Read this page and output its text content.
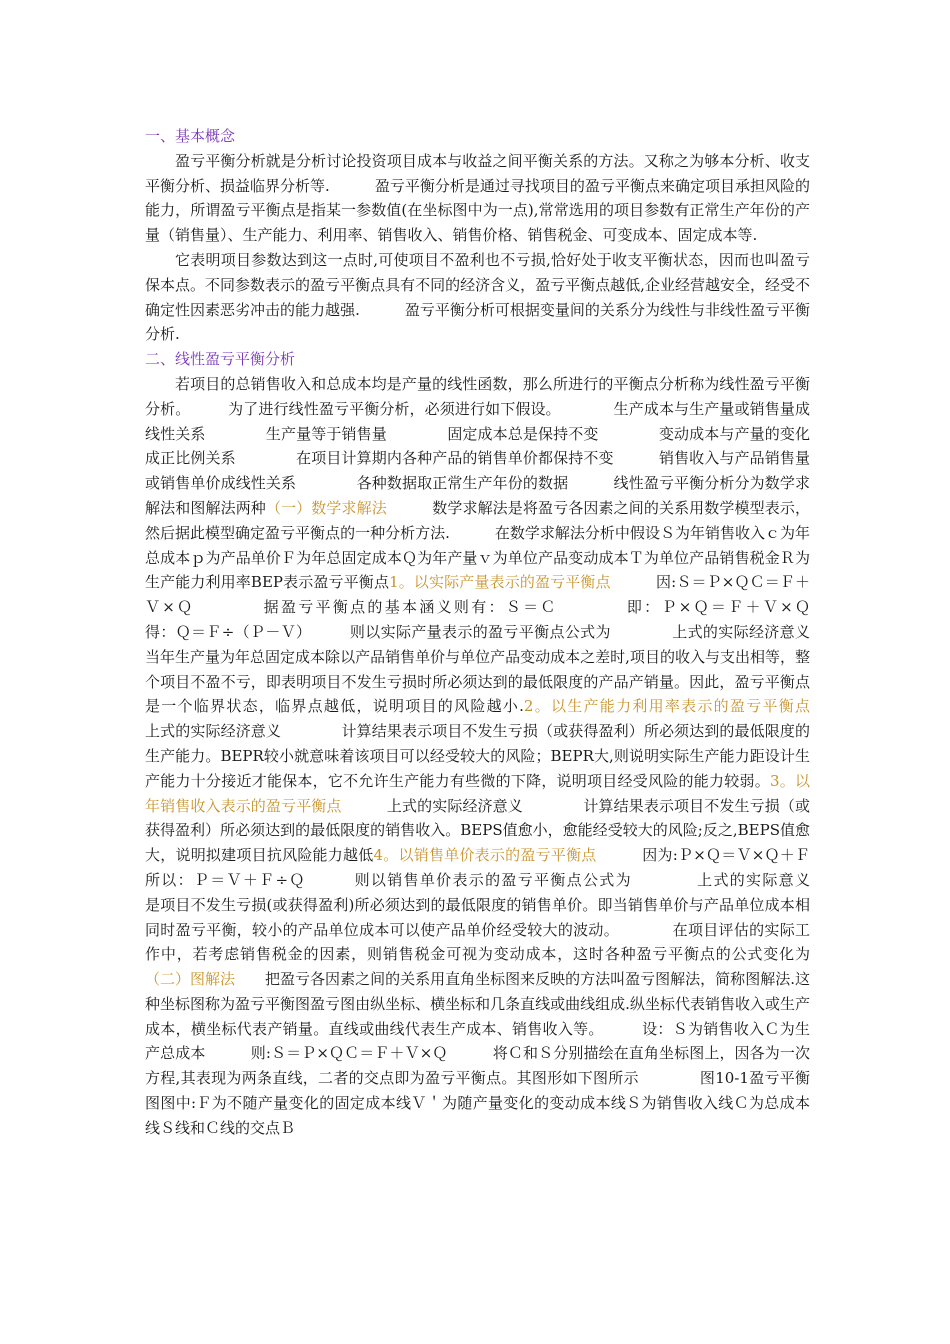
一、基本概念

盈亏平衡分析就是分析讨论投资项目成本与收益之间平衡关系的方法。又称之为够本分析、收支平衡分析、损益临界分析等.　　　盈亏平衡分析是通过寻找项目的盈亏平衡点来确定项目承担风险的能力，所谓盈亏平衡点是指某一参数值(在坐标图中为一点),常常选用的项目参数有正常生产年份的产量（销售量）、生产能力、利用率、销售收入、销售价格、销售税金、可变成本、固定成本等.

它表明项目参数达到这一点时,可使项目不盈利也不亏损,恰好处于收支平衡状态，因而也叫盈亏保本点。不同参数表示的盈亏平衡点具有不同的经济含义，盈亏平衡点越低,企业经营越安全，经受不确定性因素恶劣冲击的能力越强.　　　盈亏平衡分析可根据变量间的关系分为线性与非线性盈亏平衡分析.

二、线性盈亏平衡分析

若项目的总销售收入和总成本均是产量的线性函数，那么所进行的平衡点分析称为线性盈亏平衡分析。　　　为了进行线性盈亏平衡分析，必须进行如下假设。　　　　生产成本与生产量或销售量成线性关系　　　　生产量等于销售量　　　　固定成本总是保持不变　　　　变动成本与产量的变化成正比例关系　　　　在项目计算期内各种产品的销售单价都保持不变　　　销售收入与产品销售量或销售单价成线性关系　　　　各种数据取正常生产年份的数据　　　线性盈亏平衡分析分为数学求解法和图解法两种（一）数学求解法　　　数学求解法是将盈亏各因素之间的关系用数学模型表示，然后据此模型确定盈亏平衡点的一种分析方法.　　　在数学求解法分析中假设Ｓ为年销售收入ｃ为年总成本ｐ为产品单价Ｆ为年总固定成本Ｑ为年产量ｖ为单位产品变动成本Ｔ为单位产品销售税金Ｒ为生产能力利用率BEP表示盈亏平衡点1。以实际产量表示的盈亏平衡点　　　因:Ｓ＝Ｐ×ＱＣ＝Ｆ＋Ｖ×Ｑ　　　　据盈亏平衡点的基本涵义则有：Ｓ＝Ｃ　　　　即：Ｐ×Ｑ＝Ｆ＋Ｖ×Ｑ　　　　得：Ｑ＝Ｆ÷（Ｐ－Ｖ）　　　则以实际产量表示的盈亏平衡点公式为　　　　上式的实际经济意义　　　　当年生产量为年总固定成本除以产品销售单价与单位产品变动成本之差时,项目的收入与支出相等，整个项目不盈不亏，即表明项目不发生亏损时所必须达到的最低限度的产品产销量。因此，盈亏平衡点是一个临界状态，临界点越低，说明项目的风险越小.2。以生产能力利用率表示的盈亏平衡点　　　上式的实际经济意义　　　　计算结果表示项目不发生亏损（或获得盈利）所必须达到的最低限度的生产能力。BEPR较小就意味着该项目可以经受较大的风险；BEPR大,则说明实际生产能力距设计生产能力十分接近才能保本，它不允许生产能力有些微的下降，说明项目经受风险的能力较弱。3。以年销售收入表示的盈亏平衡点　　　上式的实际经济意义　　　　计算结果表示项目不发生亏损（或获得盈利）所必须达到的最低限度的销售收入。BEPS值愈小，愈能经受较大的风险;反之,BEPS值愈大，说明拟建项目抗风险能力越低4。以销售单价表示的盈亏平衡点　　　因为:Ｐ×Ｑ＝Ｖ×Ｑ＋Ｆ　　　所以：Ｐ＝Ｖ＋Ｆ÷Ｑ　　　则以销售单价表示的盈亏平衡点公式为　　　　上式的实际意义　　　　是项目不发生亏损(或获得盈利)所必须达到的最低限度的销售单价。即当销售单价与产品单位成本相同时盈亏平衡，较小的产品单位成本可以使产品单价经受较大的波动。　　　　在项目评估的实际工作中，若考虑销售税金的因素，则销售税金可视为变动成本，这时各种盈亏平衡点的公式变化为（二）图解法　　把盈亏各因素之间的关系用直角坐标图来反映的方法叫盈亏图解法，简称图解法.这种坐标图称为盈亏平衡图盈亏图由纵坐标、横坐标和几条直线或曲线组成.纵坐标代表销售收入或生产成本，横坐标代表产销量。直线或曲线代表生产成本、销售收入等。　　　设：Ｓ为销售收入Ｃ为生产总成本　　　则:Ｓ＝Ｐ×ＱＣ＝Ｆ＋Ｖ×Ｑ　　　将Ｃ和Ｓ分别描绘在直角坐标图上，因各为一次方程,其表现为两条直线，二者的交点即为盈亏平衡点。其图形如下图所示　　　　图10-1盈亏平衡图图中:Ｆ为不随产量变化的固定成本线Ｖ＇为随产量变化的变动成本线Ｓ为销售收入线Ｃ为总成本线Ｓ线和Ｃ线的交点Ｂ
